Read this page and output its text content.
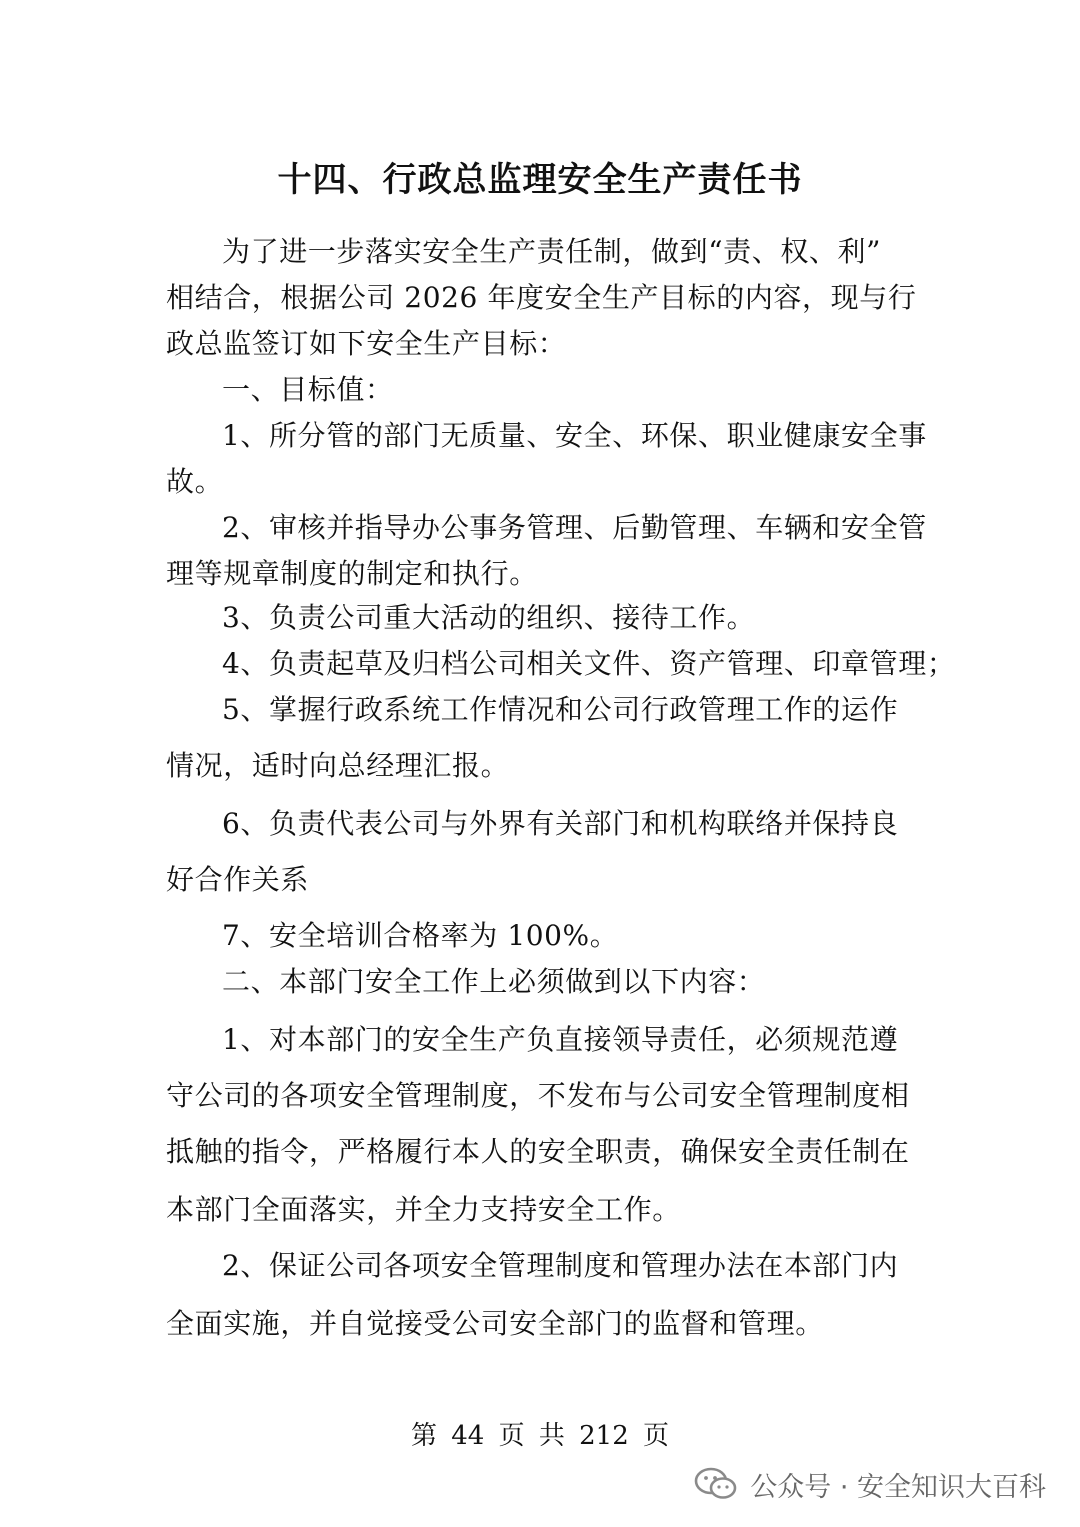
十四、行政总监理安全生产责任书
为了进一步落实安全生产责任制，做到“责、权、利”
相结合，根据公司 2026 年度安全生产目标的内容，现与行
政总监签订如下安全生产目标：
一、目标值：
1、所分管的部门无质量、安全、环保、职业健康安全事
故。
2、审核并指导办公事务管理、后勤管理、车辆和安全管
理等规章制度的制定和执行。
3、负责公司重大活动的组织、接待工作。
4、负责起草及归档公司相关文件、资产管理、印章管理；
5、掌握行政系统工作情况和公司行政管理工作的运作
情况，适时向总经理汇报。
6、负责代表公司与外界有关部门和机构联络并保持良
好合作关系
7、安全培训合格率为 100%。
二、本部门安全工作上必须做到以下内容：
1、对本部门的安全生产负直接领导责任，必须规范遵
守公司的各项安全管理制度，不发布与公司安全管理制度相
抵触的指令，严格履行本人的安全职责，确保安全责任制在
本部门全面落实，并全力支持安全工作。
2、保证公司各项安全管理制度和管理办法在本部门内
全面实施，并自觉接受公司安全部门的监督和管理。
第 44 页 共 212 页
公众号 · 安全知识大百科
